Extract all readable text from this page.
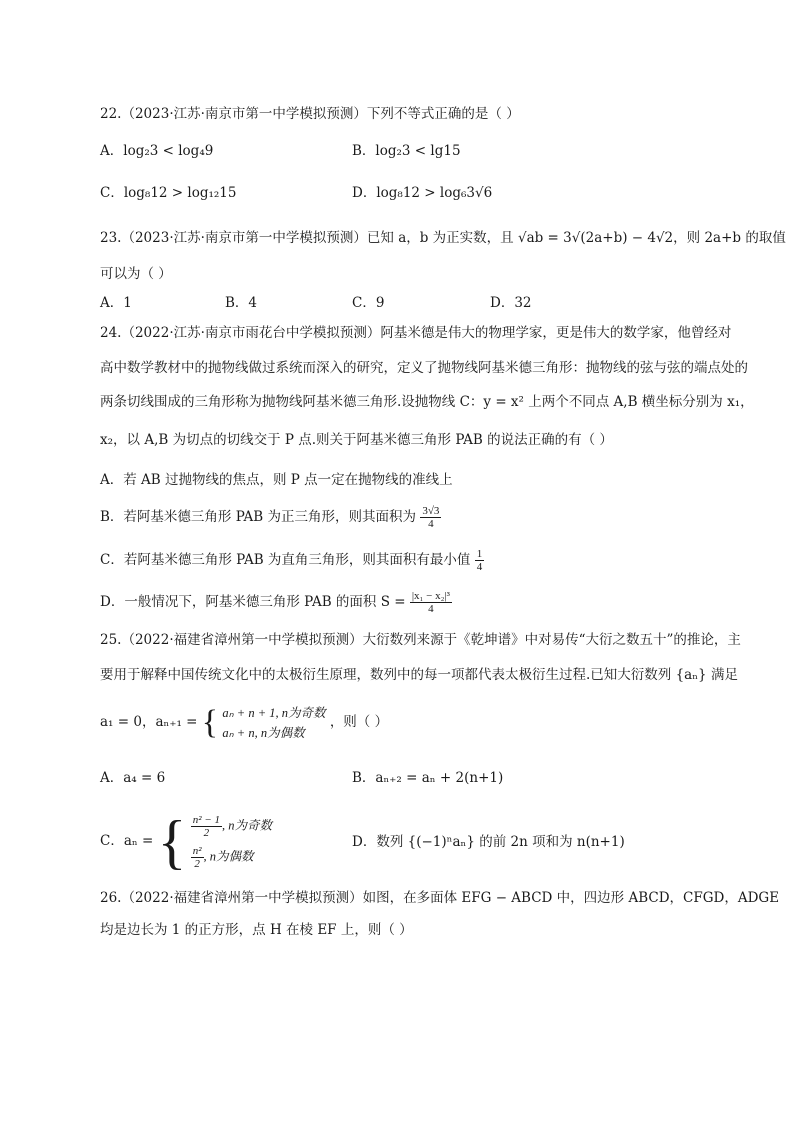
22.（2023·江苏·南京市第一中学模拟预测）下列不等式正确的是（ ）
A．log₂3 < log₄9	B．log₂3 < lg15
C．log₈12 > log₁₂15	D．log₈12 > log₆3√6
23.（2023·江苏·南京市第一中学模拟预测）已知 a，b 为正实数，且 √ab = 3√(2a+b) − 4√2，则 2a+b 的取值
可以为（ ）
A．1	B．4	C．9	D．32
24.（2022·江苏·南京市雨花台中学模拟预测）阿基米德是伟大的物理学家，更是伟大的数学家，他曾经对
高中数学教材中的抛物线做过系统而深入的研究，定义了抛物线阿基米德三角形：抛物线的弦与弦的端点处的
两条切线围成的三角形称为抛物线阿基米德三角形.设抛物线 C：y = x² 上两个不同点 A,B 横坐标分别为 x₁，
x₂，以 A,B 为切点的切线交于 P 点.则关于阿基米德三角形 PAB 的说法正确的有（ ）
A．若 AB 过抛物线的焦点，则 P 点一定在抛物线的准线上
B．若阿基米德三角形 PAB 为正三角形，则其面积为 $\frac{3√3}{4}$
C．若阿基米德三角形 PAB 为直角三角形，则其面积有最小值 $\frac{1}{4}$
D．一般情况下，阿基米德三角形 PAB 的面积 $S = \frac{\text{|x₁ − x₂|³}}{4}$
25.（2022·福建省漳州第一中学模拟预测）大衍数列来源于《乾坤谱》中对易传“大衍之数五十”的推论，主
要用于解释中国传统文化中的太极衍生原理，数列中的每一项都代表太极衍生过程.已知大衍数列 {aₙ} 满足
a₁ = 0，aₙ₊₁ = { aₙ + n + 1, n为奇数
aₙ + n, n为偶数
，则（ ）
A．a₄ = 6	B．aₙ₊₂ = aₙ + 2(n+1)
C．aₙ = { $\frac{\text{n² − 1}}{2}$ , n为奇数
$\frac{\text{n²}}{2}$ , n为偶数
D．数列 {(−1)ⁿaₙ} 的前 2n 项和为 n(n+1)
26.（2022·福建省漳州第一中学模拟预测）如图，在多面体 EFG − ABCD 中，四边形 ABCD，CFGD，ADGE
均是边长为 1 的正方形，点 H 在棱 EF 上，则（ ）
